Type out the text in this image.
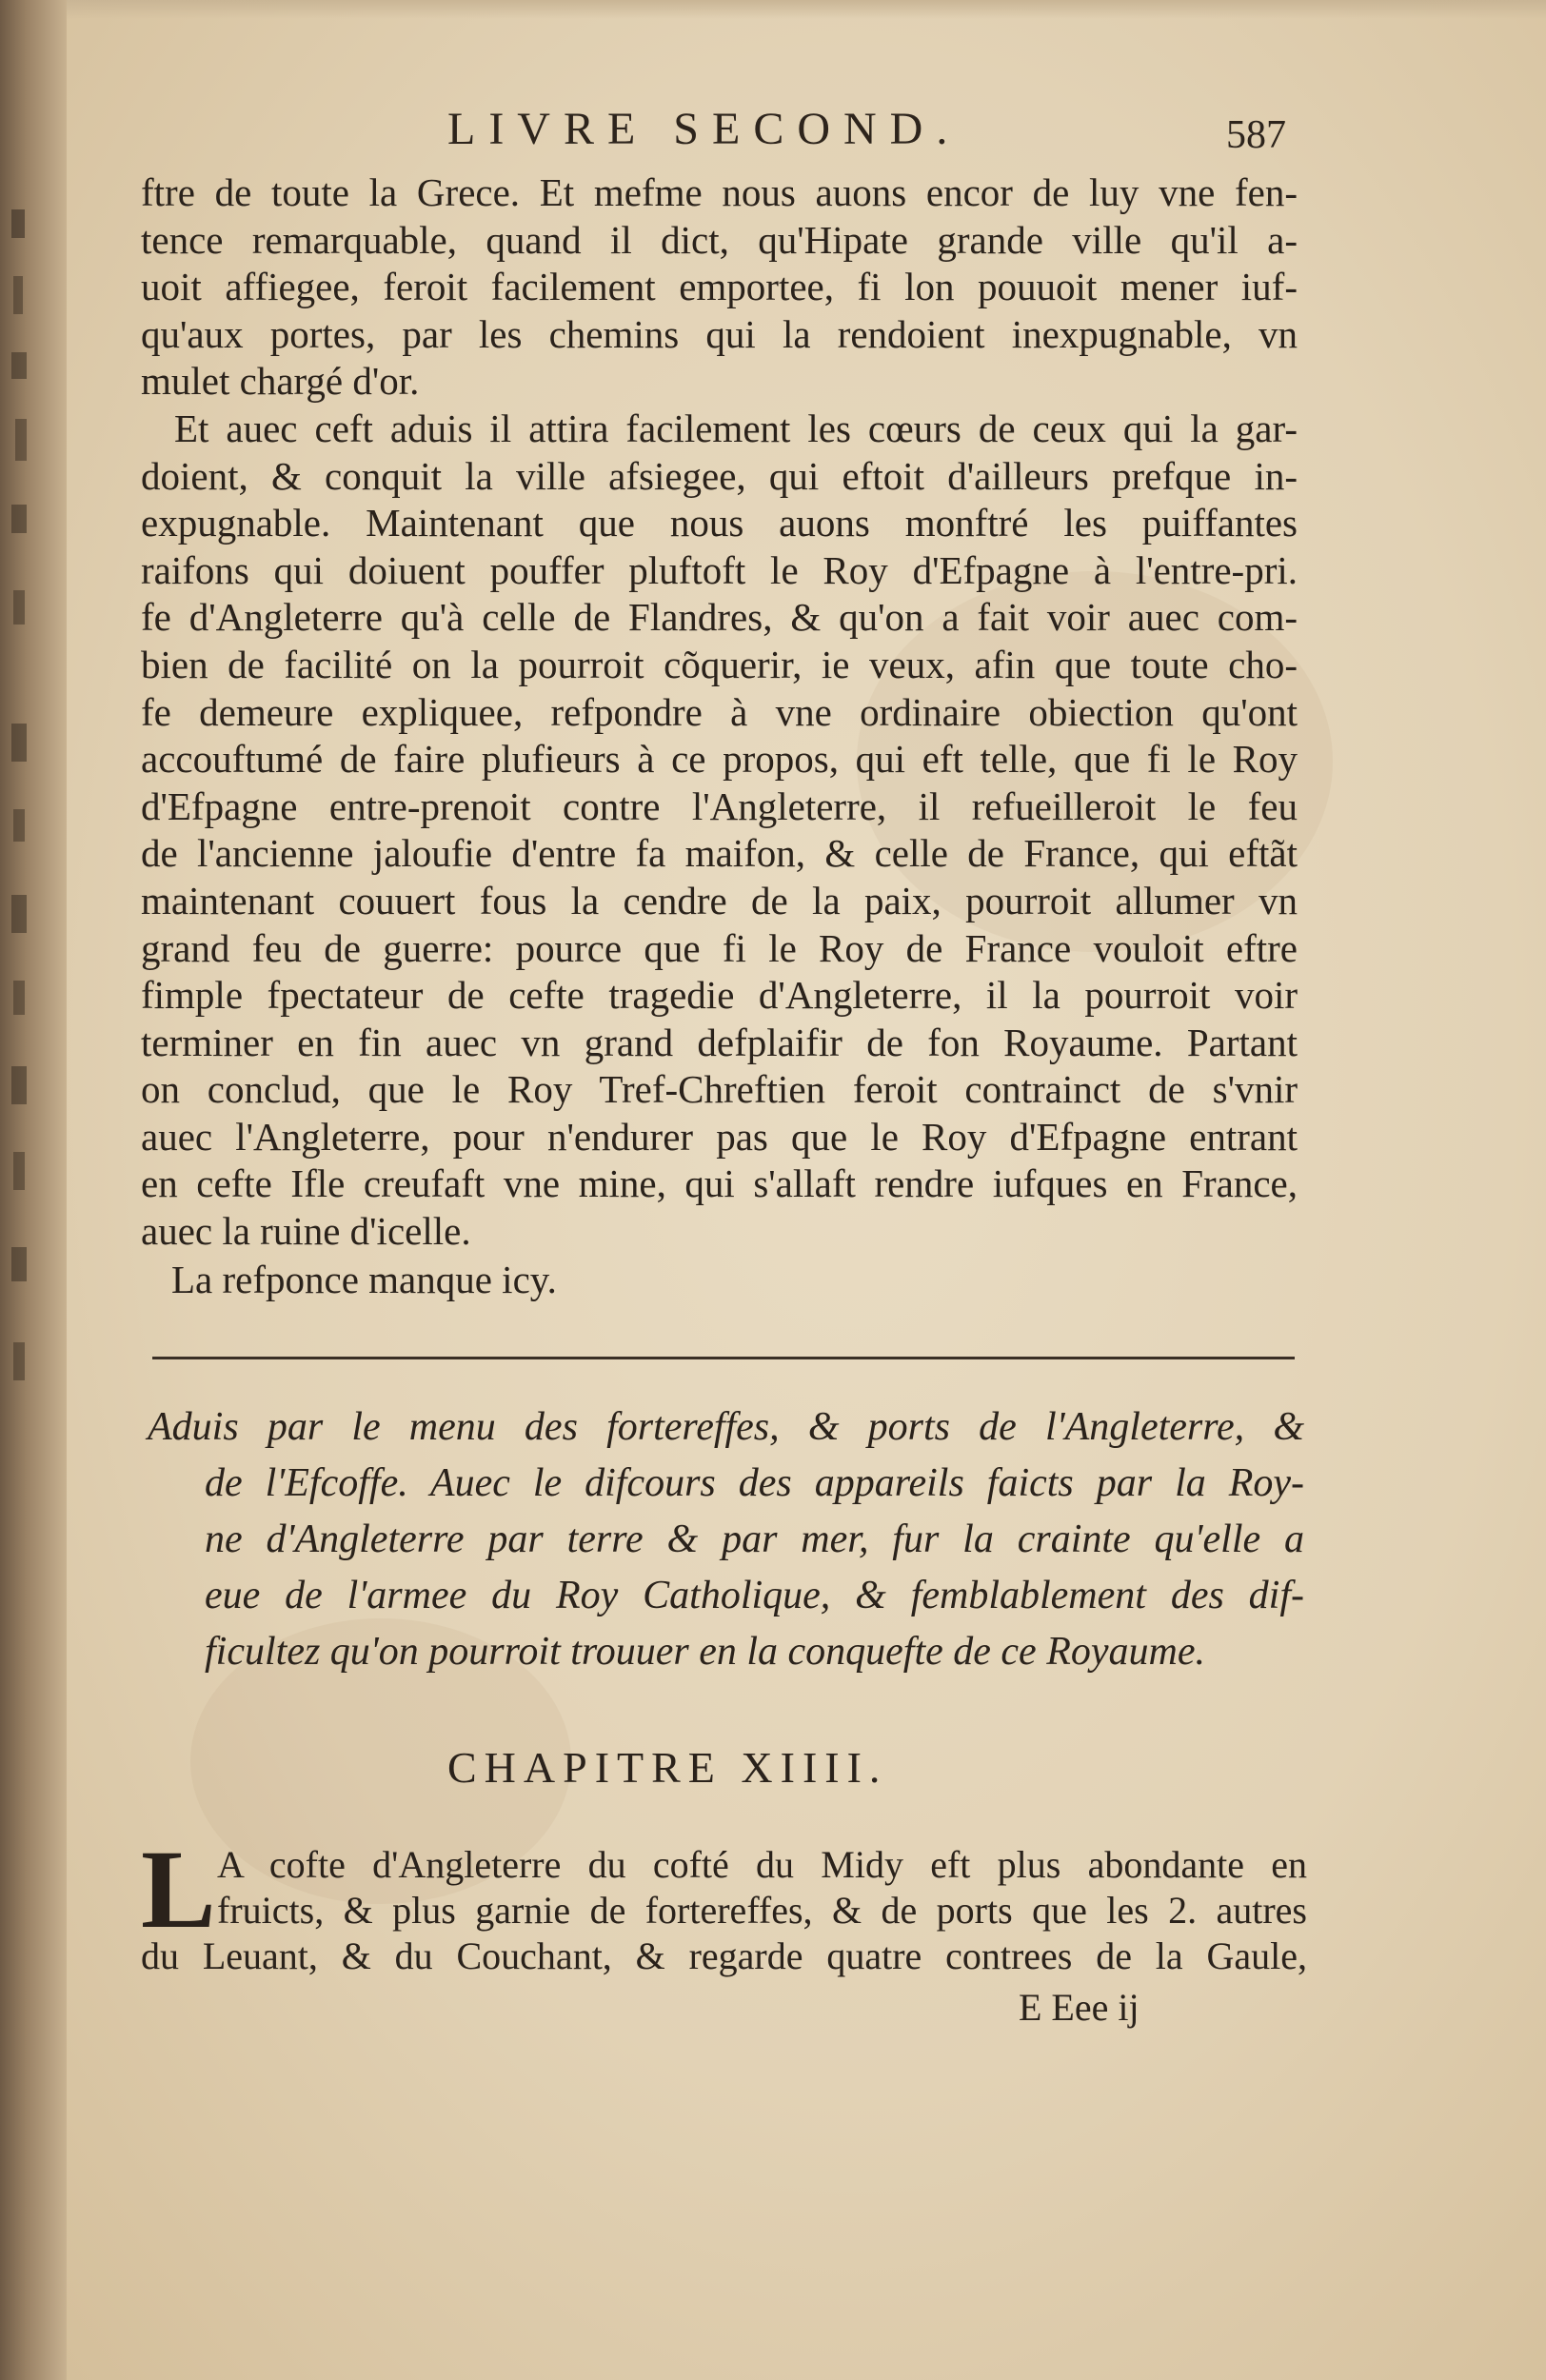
LIVRE SECOND.	587
ftre de toute la Grece. Et mefme nous auons encor de luy vne fen-
tence remarquable, quand il dict, qu'Hipate grande ville qu'il a-
uoit affiegee, feroit facilement emportee, fi lon pouuoit mener iuf-
qu'aux portes, par les chemins qui la rendoient inexpugnable, vn
mulet chargé d'or.
Et auec ceft aduis il attira facilement les cœurs de ceux qui la gar-
doient, & conquit la ville afsiegee, qui eftoit d'ailleurs prefque in-
expugnable. Maintenant que nous auons monftré les puiffantes
raifons qui doiuent pouffer pluftoft le Roy d'Efpagne à l'entre-pri.
fe d'Angleterre qu'à celle de Flandres, & qu'on a fait voir auec com-
bien de facilité on la pourroit cõquerir, ie veux, afin que toute cho-
fe demeure expliquee, refpondre à vne ordinaire obiection qu'ont
accouftumé de faire plufieurs à ce propos, qui eft telle, que fi le Roy
d'Efpagne entre-prenoit contre l'Angleterre, il refueilleroit le feu
de l'ancienne jaloufie d'entre fa maifon, & celle de France, qui eftãt
maintenant couuert fous la cendre de la paix, pourroit allumer vn
grand feu de guerre: pource que fi le Roy de France vouloit eftre
fimple fpectateur de cefte tragedie d'Angleterre, il la pourroit voir
terminer en fin auec vn grand defplaifir de fon Royaume. Partant
on conclud, que le Roy Tref-Chreftien feroit contrainct de s'vnir
auec l'Angleterre, pour n'endurer pas que le Roy d'Efpagne entrant
en cefte Ifle creufaft vne mine, qui s'allaft rendre iufques en France,
auec la ruine d'icelle.
La refponce manque icy.
Aduis par le menu des fortereffes, & ports de l'Angleterre, &
de l'Efcoffe. Auec le difcours des appareils faicts par la Roy-
ne d'Angleterre par terre & par mer, fur la crainte qu'elle a
eue de l'armee du Roy Catholique, & femblablement des dif-
ficultez qu'on pourroit trouuer en la conquefte de ce Royaume.
CHAPITRE XIIII.
L A cofte d'Angleterre du cofté du Midy eft plus abondante en
fruicts, & plus garnie de fortereffes, & de ports que les 2. autres
du Leuant, & du Couchant, & regarde quatre contrees de la Gaule,
E Eee ij
